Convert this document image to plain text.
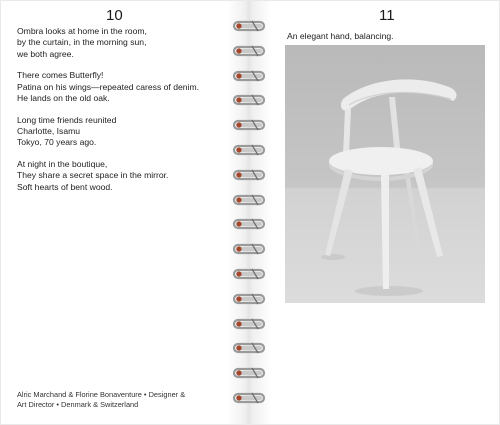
10
Ombra looks at home in the room,
by the curtain, in the morning sun,
we both agree.
There comes Butterfly!
Patina on his wings—repeated caress of denim.
He lands on the old oak.
Long time friends reunited
Charlotte, Isamu
Tokyo, 70 years ago.
At night in the boutique,
They share a secret space in the mirror.
Soft hearts of bent wood.
Alric Marchand & Florine Bonaventure • Designer &
Art Director • Denmark & Switzerland
11
An elegant hand, balancing.
